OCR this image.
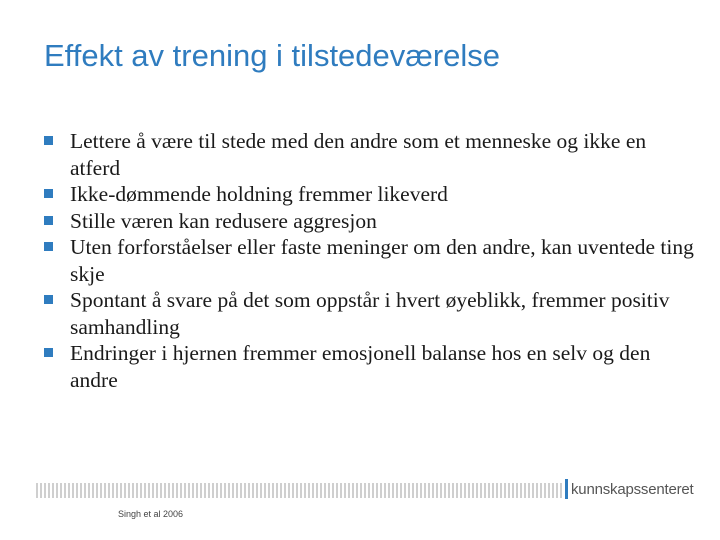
Effekt av trening i tilstedeværelse
Lettere å være til stede med den andre som et menneske og ikke en atferd
Ikke-dømmende holdning fremmer likeverd
Stille væren kan redusere aggresjon
Uten forforståelser eller faste meninger om den andre, kan uventede ting skje
Spontant å svare på det som oppstår i hvert øyeblikk, fremmer positiv samhandling
Endringer i hjernen fremmer emosjonell balanse hos en selv og den andre
kunnskapssenteret
Singh et al 2006
